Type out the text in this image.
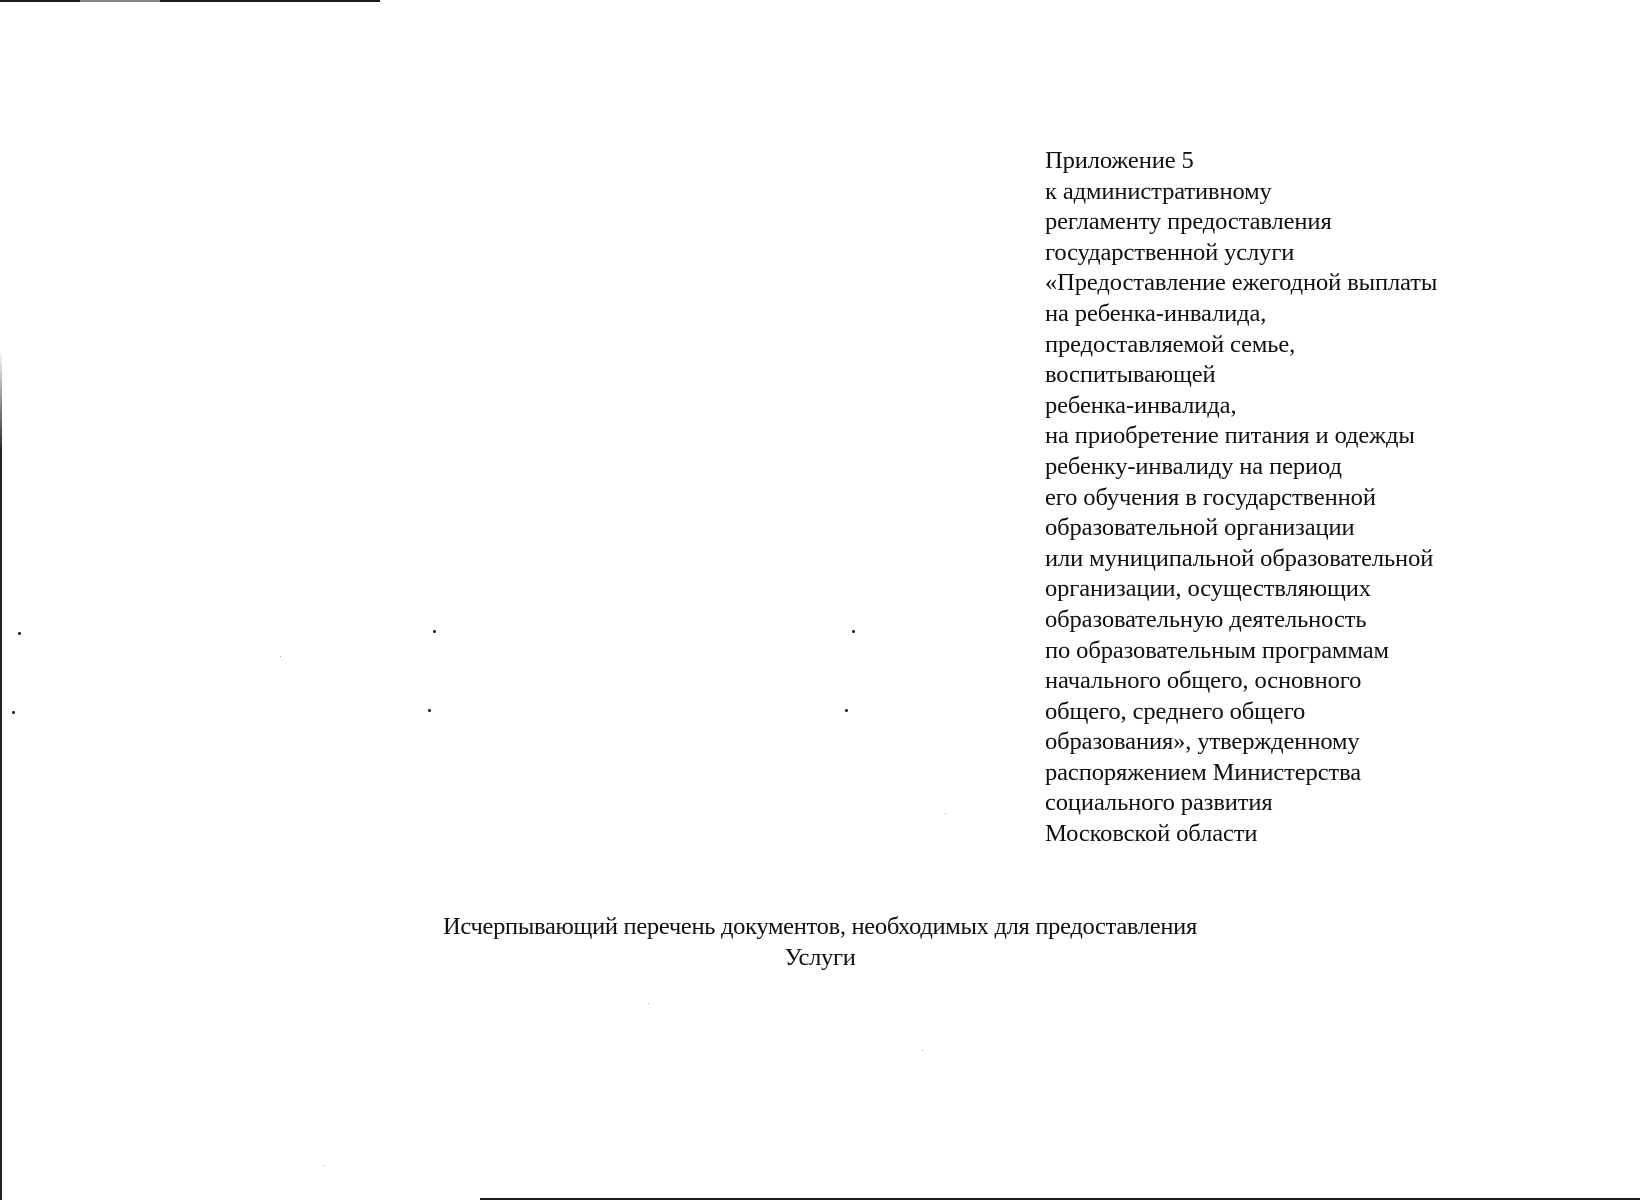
Приложение 5
к административному
регламенту предоставления
государственной услуги
«Предоставление ежегодной выплаты
на ребенка-инвалида,
предоставляемой семье,
воспитывающей
ребенка-инвалида,
на приобретение питания и одежды
ребенку-инвалиду на период
его обучения в государственной
образовательной организации
или муниципальной образовательной
организации, осуществляющих
образовательную деятельность
по образовательным программам
начального общего, основного
общего, среднего общего
образования», утвержденному
распоряжением Министерства
социального развития
Московской области
Исчерпывающий перечень документов, необходимых для предоставления
Услуги
